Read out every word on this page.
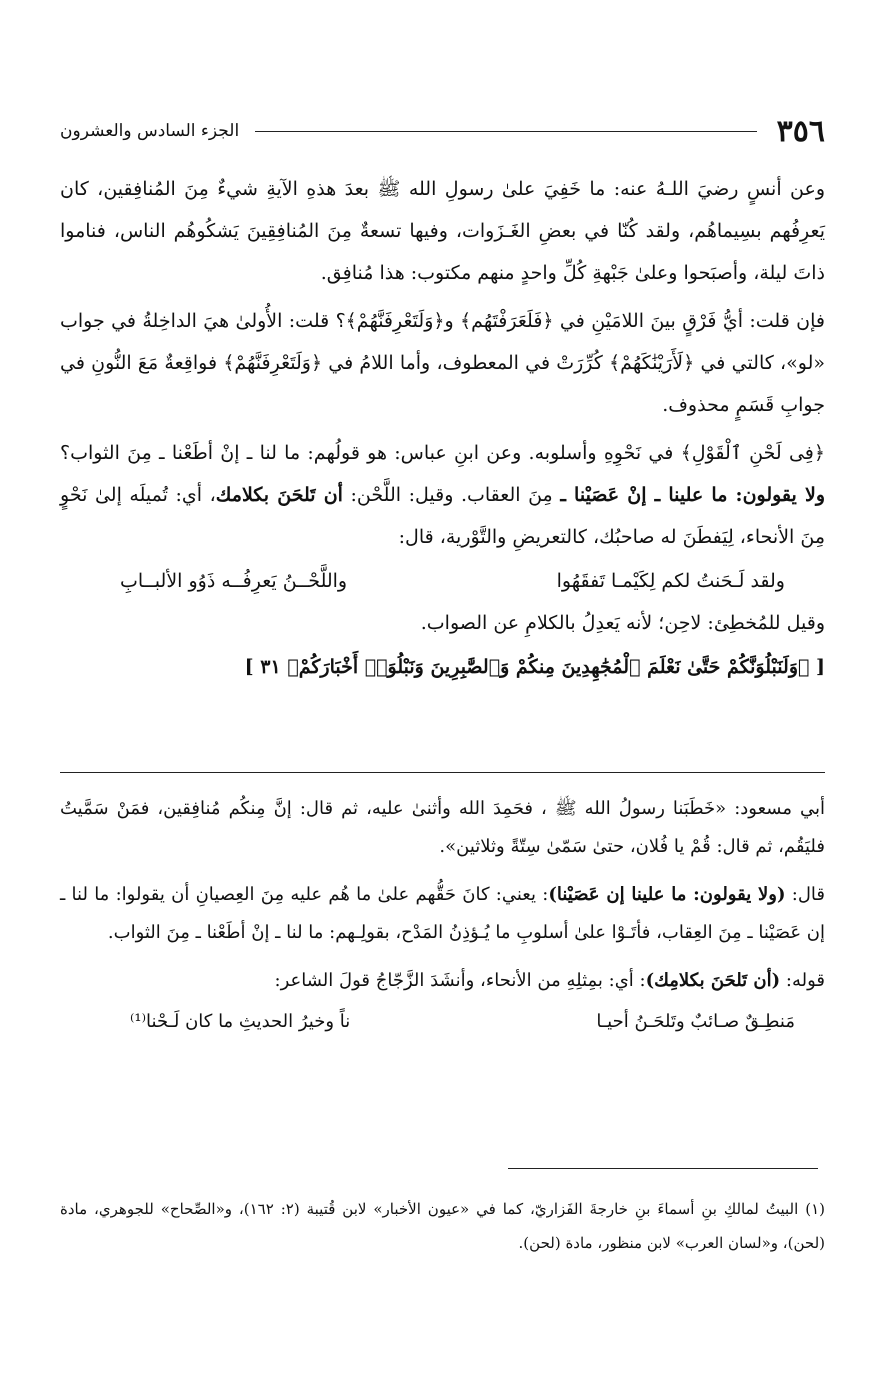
٣٥٦
الجزء السادس والعشرون

وعن أنسٍ رضيَ اللـهُ عنه: ما خَفِيَ علىٰ رسولِ الله ﷺ بعدَ هذهِ الآيةِ شيءٌ مِنَ المُنافِقين، كان يَعرِفُهم بسِيماهُم، ولقد كُنّا في بعضِ الغَـزَوات، وفيها تسعةٌ مِنَ المُنافِقِينَ يَشكُوهُم الناس، فناموا ذاتَ ليلة، وأصبَحوا وعلىٰ جَبْهةِ كُلِّ واحدٍ منهم مكتوب: هذا مُنافِق.

فإن قلت: أيُّ فَرْقٍ بينَ اللامَيْنِ في ﴿فَلَعَرَفْتَهُم﴾ و﴿وَلَتَعْرِفَنَّهُمْ﴾؟ قلت: الأُولىٰ هيَ الداخِلةُ في جواب «لو»، كالتي في ﴿لَأَرَيْنَٰكَهُمْ﴾ كُرِّرَتْ في المعطوف، وأما اللامُ في ﴿وَلَتَعْرِفَنَّهُمْ﴾ فواقِعةٌ مَعَ النُّونِ في جوابِ قَسَمٍ محذوف.

﴿فِى لَحْنِ ٱلْقَوْلِ﴾ في نَحْوِهِ وأسلوبه. وعن ابنِ عباس: هو قولُهم: ما لنا ـ إنْ أطَعْنا ـ مِنَ الثواب؟ ولا يقولون: ما علينا ـ إنْ عَصَيْنا ـ مِنَ العقاب. وقيل: اللَّحْن: أن تَلحَنَ بكلامك، أي: تُميلَه إلىٰ نَحْوٍ مِنَ الأنحاء، لِيَفطَنَ له صاحبُك، كالتعريضِ والتَّوْرية، قال:

ولقد لَـحَنتُ لكم لِكَيْمـا تَفقَهُوا
واللَّحْــنُ يَعرِفُــه ذَوُو الألبــابِ

وقيل للمُخطِئ: لاحِن؛ لأنه يَعدِلُ بالكلامِ عن الصواب.

[ ﴿وَلَنَبْلُوَنَّكُمْ حَتَّىٰ نَعْلَمَ ٱلْمُجَٰهِدِينَ مِنكُمْ وَٱلصَّٰبِرِينَ وَنَبْلُوَا۟ أَخْبَارَكُمْ﴾ ٣١ ]

أبي مسعود: «خَطَبَنا رسولُ الله ﷺ ، فحَمِدَ الله وأثنىٰ عليه، ثم قال: إنَّ مِنكُم مُنافِقين، فمَنْ سَمَّيتُ فليَقُم، ثم قال: قُمْ يا فُلان، حتىٰ سَمّىٰ سِتّةً وثلاثين».

قال: (ولا يقولون: ما علينا إن عَصَيْنا): يعني: كانَ حَقُّهم علىٰ ما هُم عليه مِنَ العِصيانِ أن يقولوا: ما لنا ـ إن عَصَيْنا ـ مِنَ العِقاب، فأتَـوْا علىٰ أسلوبِ ما يُـؤذِنُ المَدْح، بقولِـهم: ما لنا ـ إنْ أطَعْنا ـ مِنَ الثواب.

قوله: (أن تَلحَنَ بكلامِك): أي: بمِثلِهِ من الأنحاء، وأنشَدَ الزَّجّاجُ قولَ الشاعر:

مَنطِـقٌ صـائبٌ وتَلحَـنُ أحيـا
ناً وخيرُ الحديثِ ما كان لَـحْنا⁽¹⁾
(١) البيتُ لمالكِ بنِ أسماءَ بنِ خارجةَ الفَزاريّ، كما في «عيون الأخبار» لابن قُتيبة (٢: ١٦٢)، و«الصِّحاح» للجوهري، مادة (لحن)، و«لسان العرب» لابن منظور، مادة (لحن).
